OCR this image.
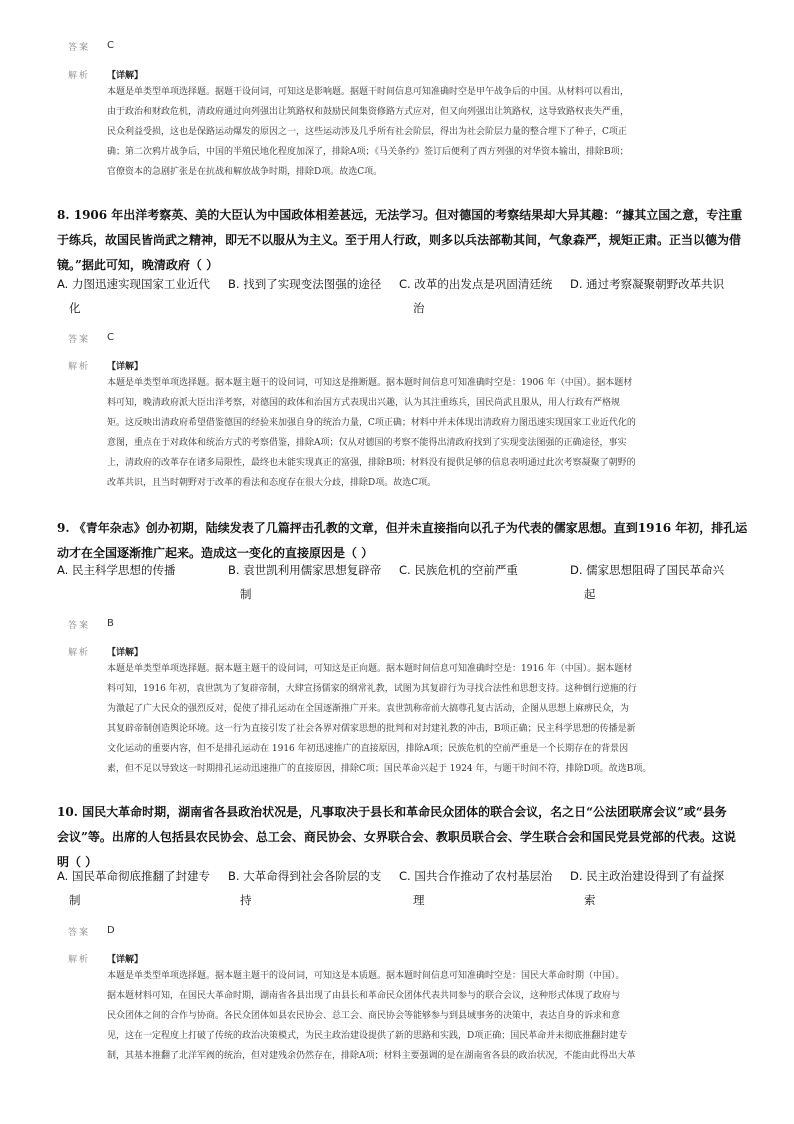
答案 C
解析 【详解】
本题是单类型单项选择题。据题干设问词，可知这是影响题。据题干时间信息可知准确时空是甲午战争后的中国。从材料可以看出，
由于政治和财政危机，清政府通过向列强出让筑路权和鼓励民间集资修路方式应对，但又向列强出让筑路权，这导致路权丧失严重，
民众利益受损，这也是保路运动爆发的原因之一，这些运动涉及几乎所有社会阶层，得出为社会阶层力量的整合埋下了种子，C项正
确；第二次鸦片战争后，中国的半殖民地化程度加深了，排除A项；《马关条约》签订后便利了西方列强的对华资本输出，排除B项；
官僚资本的急剧扩张是在抗战和解放战争时期，排除D项。故选C项。
8. 1906 年出洋考察英、美的大臣认为中国政体相差甚远，无法学习。但对德国的考察结果却大异其趣：“據其立国之意，专注重
于练兵，故国民皆尚武之精神，即无不以服从为主义。至于用人行政，则多以兵法部勒其间，气象森严，规矩正肃。正当以德为借
镜。”据此可知，晚清政府（ ）
A. 力图迅速实现国家工业近代
化
B. 找到了实现变法图强的途径	C. 改革的出发点是巩固清廷统
治
D. 通过考察凝聚朝野改革共识
答案 C
解析 【详解】
本题是单类型单项选择题。据本题主题干的设问词，可知这是推断题。据本题时间信息可知准确时空是：1906 年（中国）。据本题材
料可知，晚清政府派大臣出洋考察，对德国的政体和治国方式表现出兴趣，认为其注重练兵，国民尚武且服从，用人行政有严格规
矩。这反映出清政府希望借鉴德国的经验来加强自身的统治力量，C项正确；材料中并未体现出清政府力图迅速实现国家工业近代化的
意图，重点在于对政体和统治方式的考察借鉴，排除A项；仅从对德国的考察不能得出清政府找到了实现变法图强的正确途径，事实
上，清政府的改革存在诸多局限性，最终也未能实现真正的富强，排除B项；材料没有提供足够的信息表明通过此次考察凝聚了朝野的
改革共识，且当时朝野对于改革的看法和态度存在很大分歧，排除D项。故选C项。
9. 《青年杂志》创办初期，陆续发表了几篇抨击孔教的文章，但并未直接指向以孔子为代表的儒家思想。直到1916 年初，排孔运
动才在全国逐渐推广起来。造成这一变化的直接原因是（ ）
A. 民主科学思想的传播	B. 袁世凯利用儒家思想复辟帝
制
C. 民族危机的空前严重	D. 儒家思想阻碍了国民革命兴
起
答案 B
解析 【详解】
本题是单类型单项选择题。据本题主题干的设问词，可知这是正向题。据本题时间信息可知准确时空是：1916 年（中国）。据本题材
料可知，1916 年初，袁世凯为了复辟帝制，大肆宣扬儒家的纲常礼教，试图为其复辟行为寻找合法性和思想支持。这种倒行逆施的行
为激起了广大民众的强烈反对，促使了排孔运动在全国逐渐推广开来。袁世凯称帝前大搞尊孔复古活动，企图从思想上麻痹民众，为
其复辟帝制创造舆论环境。这一行为直接引发了社会各界对儒家思想的批判和对封建礼教的冲击，B项正确；民主科学思想的传播是新
文化运动的重要内容，但不是排孔运动在 1916 年初迅速推广的直接原因，排除A项；民族危机的空前严重是一个长期存在的背景因
素，但不足以导致这一时期排孔运动迅速推广的直接原因，排除C项；国民革命兴起于 1924 年，与题干时间不符，排除D项。故选B项。
10. 国民大革命时期，湖南省各县政治状况是，凡事取决于县长和革命民众团体的联合会议，名之日“公法团联席会议”或“县务
会议”等。出席的人包括县农民协会、总工会、商民协会、女界联合会、教职员联合会、学生联合会和国民党县党部的代表。这说
明（ ）
A. 国民革命彻底推翻了封建专
制
B. 大革命得到社会各阶层的支
持
C. 国共合作推动了农村基层治
理
D. 民主政治建设得到了有益探
索
答案 D
解析 【详解】
本题是单类型单项选择题。据本题主题干的设问词，可知这是本质题。据本题时间信息可知准确时空是：国民大革命时期（中国）。
据本题材料可知，在国民大革命时期，湖南省各县出现了由县长和革命民众团体代表共同参与的联合会议，这种形式体现了政府与
民众团体之间的合作与协商。各民众团体如县农民协会、总工会、商民协会等能够参与到县域事务的决策中，表达自身的诉求和意
见，这在一定程度上打破了传统的政治决策模式，为民主政治建设提供了新的思路和实践，D项正确；国民革命并未彻底推翻封建专
制，其基本推翻了北洋军阀的统治，但对建残余仍然存在，排除A项；材料主要强调的是在湖南省各县的政治状况，不能由此得出大革
